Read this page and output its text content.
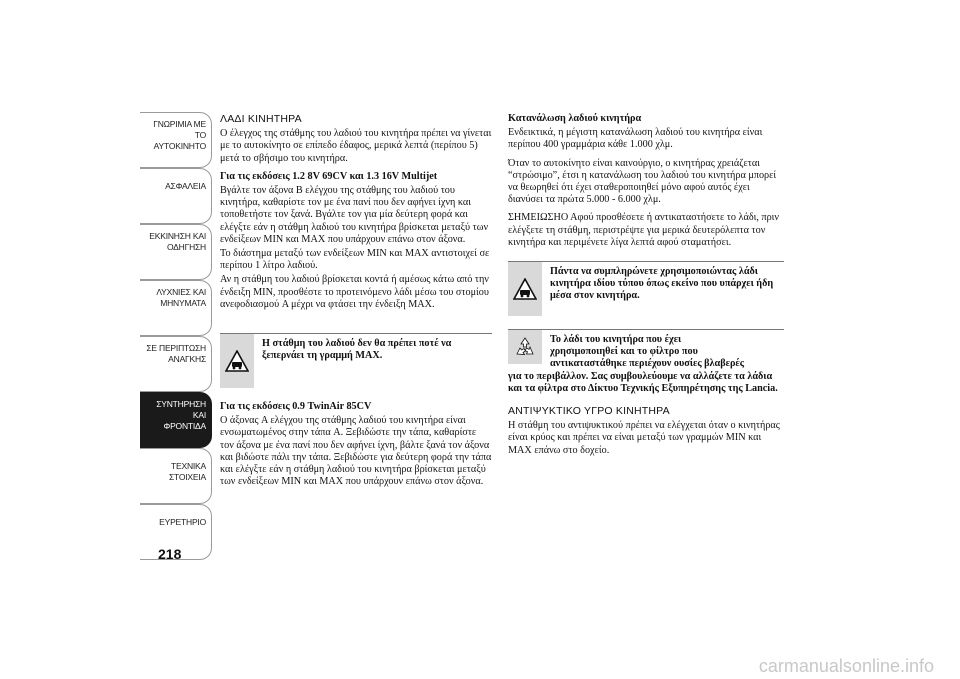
ΓΝΩΡΙΜΙΑ ΜΕ ΤΟ
ΑΥΤΟΚΙΝΗΤΟ
ΑΣΦΑΛΕΙΑ
ΕΚΚΙΝΗΣΗ ΚΑΙ
ΟΔΗΓΗΣΗ
ΛΥΧΝΙΕΣ ΚΑΙ
ΜΗΝΥΜΑΤΑ
ΣΕ ΠΕΡΙΠΤΩΣΗ
ΑΝΑΓΚΗΣ
ΣΥΝΤΗΡΗΣΗ ΚΑΙ
ΦΡΟΝΤΙΔΑ
ΤΕΧΝΙΚΑ ΣΤΟΙΧΕΙΑ
ΕΥΡΕΤΗΡΙΟ
218
ΛΑΔΙ ΚΙΝΗΤΗΡΑ
Ο έλεγχος της στάθμης του λαδιού του κινητήρα πρέπει να γίνεται με το αυτοκίνητο σε επίπεδο έδαφος, μερικά λεπτά (περίπου 5) μετά το σβήσιμο του κινητήρα.
Για τις εκδόσεις 1.2 8V 69CV και 1.3 16V Multijet
Βγάλτε τον άξονα B ελέγχου της στάθμης του λαδιού του κινητήρα, καθαρίστε τον με ένα πανί που δεν αφήνει ίχνη και τοποθετήστε τον ξανά. Βγάλτε τον για μία δεύτερη φορά και ελέγξτε εάν η στάθμη λαδιού του κινητήρα βρίσκεται μεταξύ των ενδείξεων MIN και MAX που υπάρχουν επάνω στον άξονα.
Το διάστημα μεταξύ των ενδείξεων MIN και MAX αντιστοιχεί σε περίπου 1 λίτρο λαδιού.
Αν η στάθμη του λαδιού βρίσκεται κοντά ή αμέσως κάτω από την ένδειξη MIN, προσθέστε το προτεινόμενο λάδι μέσω του στομίου ανεφοδιασμού A μέχρι να φτάσει την ένδειξη MAX.
Η στάθμη του λαδιού δεν θα πρέπει ποτέ να ξεπερνάει τη γραμμή MAX.
Για τις εκδόσεις 0.9 TwinAir 85CV
Ο άξονας A ελέγχου της στάθμης λαδιού του κινητήρα είναι ενσωματωμένος στην τάπα A. Ξεβιδώστε την τάπα, καθαρίστε τον άξονα με ένα πανί που δεν αφήνει ίχνη, βάλτε ξανά τον άξονα και βιδώστε πάλι την τάπα. Ξεβιδώστε για δεύτερη φορά την τάπα και ελέγξτε εάν η στάθμη λαδιού του κινητήρα βρίσκεται μεταξύ των ενδείξεων MIN και MAX που υπάρχουν επάνω στον άξονα.
Κατανάλωση λαδιού κινητήρα
Ενδεικτικά, η μέγιστη κατανάλωση λαδιού του κινητήρα είναι περίπου 400 γραμμάρια κάθε 1.000 χλμ.
Όταν το αυτοκίνητο είναι καινούργιο, ο κινητήρας χρειάζεται “στρώσιμο”, έτσι η κατανάλωση του λαδιού του κινητήρα μπορεί να θεωρηθεί ότι έχει σταθεροποιηθεί μόνο αφού αυτός έχει διανύσει τα πρώτα 5.000 - 6.000 χλμ.
ΣΗΜΕΙΩΣΗΟ Αφού προσθέσετε ή αντικαταστήσετε το λάδι, πριν ελέγξετε τη στάθμη, περιστρέψτε για μερικά δευτερόλεπτα τον κινητήρα και περιμένετε λίγα λεπτά αφού σταματήσει.
Πάντα να συμπληρώνετε χρησιμοποιώντας λάδι κινητήρα ιδίου τύπου όπως εκείνο που υπάρχει ήδη μέσα στον κινητήρα.
Το λάδι του κινητήρα που έχει
χρησιμοποιηθεί και το φίλτρο που
αντικαταστάθηκε περιέχουν ουσίες βλαβερές
για το περιβάλλον. Σας συμβουλεύουμε να αλλάζετε τα λάδια και τα φίλτρα στο Δίκτυο Τεχνικής Εξυπηρέτησης της Lancia.
ΑΝΤΙΨΥΚΤΙΚΟ ΥΓΡΟ ΚΙΝΗΤΗΡΑ
Η στάθμη του αντιψυκτικού πρέπει να ελέγχεται όταν ο κινητήρας είναι κρύος και πρέπει να είναι μεταξύ των γραμμών MIN και MAX επάνω στο δοχείο.
carmanualsonline.info
